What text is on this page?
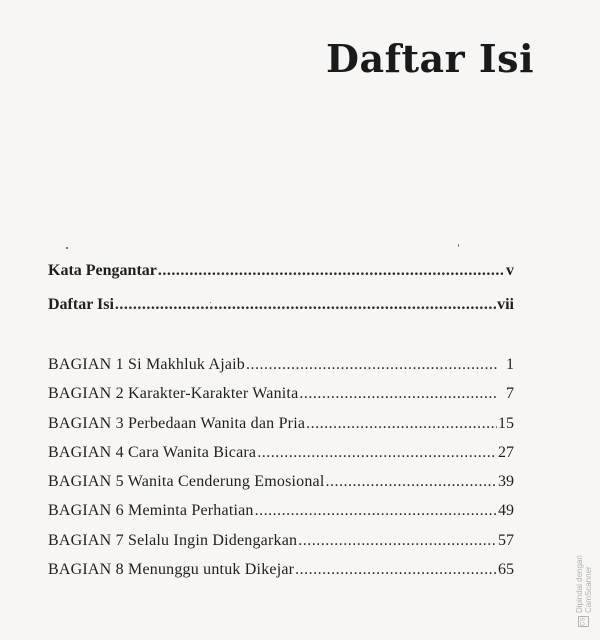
Daftar Isi
Kata Pengantar .....	v
Daftar Isi .....	vii
BAGIAN 1 Si Makhluk Ajaib .....	1
BAGIAN 2 Karakter-Karakter Wanita .....	7
BAGIAN 3 Perbedaan Wanita dan Pria .....	15
BAGIAN 4 Cara Wanita Bicara .....	27
BAGIAN 5 Wanita Cenderung Emosional .....	39
BAGIAN 6 Meminta Perhatian .....	49
BAGIAN 7 Selalu Ingin Didengarkan .....	57
BAGIAN 8 Menunggu untuk Dikejar .....	65
CS
Dipindai dengan CamScanner
